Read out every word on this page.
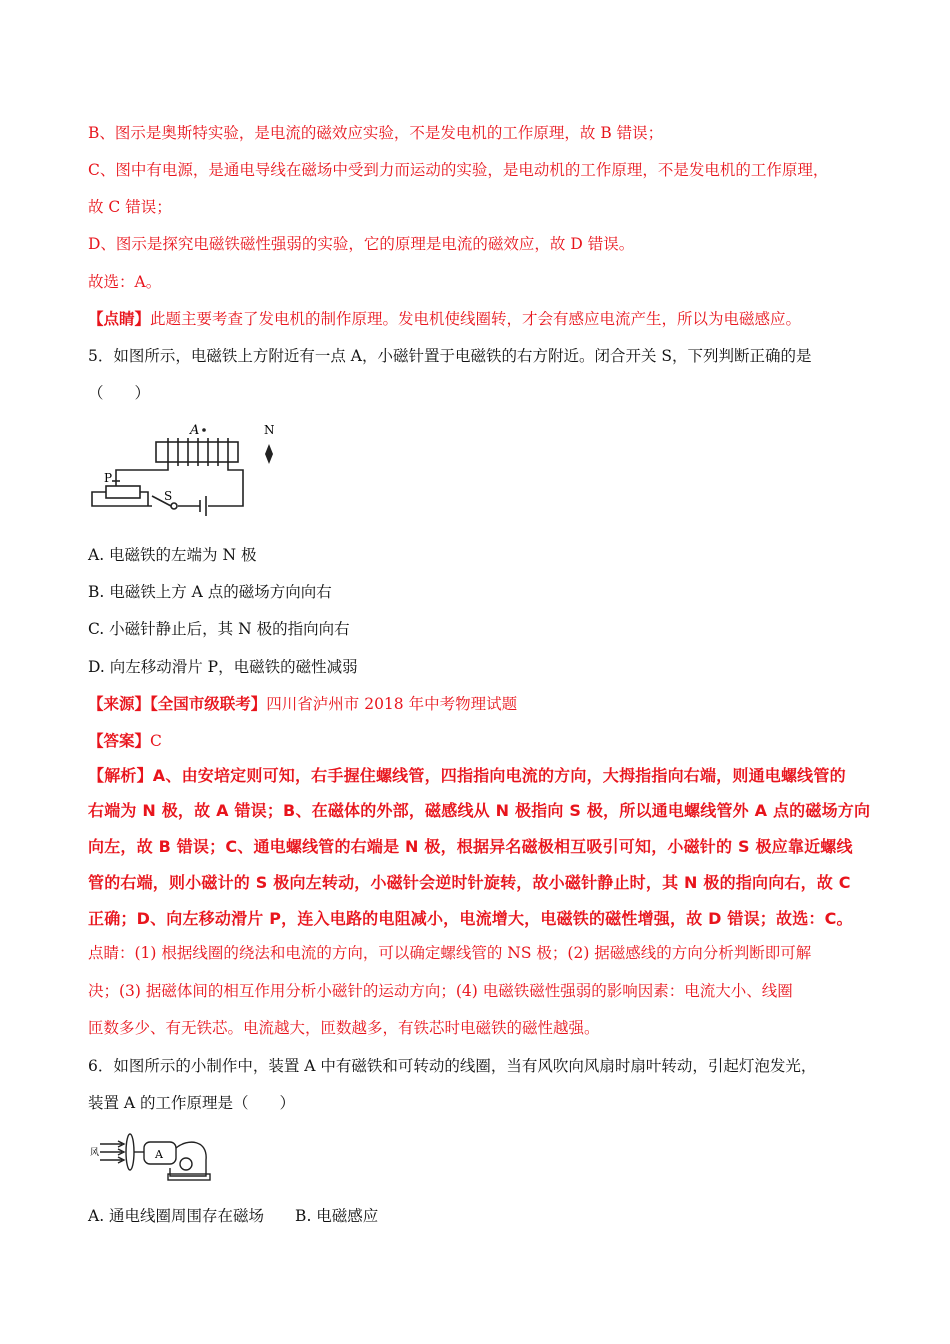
B、图示是奥斯特实验，是电流的磁效应实验，不是发电机的工作原理，故 B 错误；
C、图中有电源，是通电导线在磁场中受到力而运动的实验，是电动机的工作原理，不是发电机的工作原理，
故 C 错误；
D、图示是探究电磁铁磁性强弱的实验，它的原理是电流的磁效应，故 D 错误。
故选：A。
【点睛】此题主要考查了发电机的制作原理。发电机使线圈转，才会有感应电流产生，所以为电磁感应。
5．如图所示，电磁铁上方附近有一点 A，小磁针置于电磁铁的右方附近。闭合开关 S，下列判断正确的是
（　　）
A	N
P
S
A. 电磁铁的左端为 N 极
B. 电磁铁上方 A 点的磁场方向向右
C. 小磁针静止后，其 N 极的指向向右
D. 向左移动滑片 P，电磁铁的磁性减弱
【来源】【全国市级联考】四川省泸州市 2018 年中考物理试题
【答案】C
【解析】A、由安培定则可知，右手握住螺线管，四指指向电流的方向，大拇指指向右端，则通电螺线管的
右端为 N 极，故 A 错误；B、在磁体的外部，磁感线从 N 极指向 S 极，所以通电螺线管外 A 点的磁场方向
向左，故 B 错误；C、通电螺线管的右端是 N 极，根据异名磁极相互吸引可知，小磁针的 S 极应靠近螺线
管的右端，则小磁计的 S 极向左转动，小磁针会逆时针旋转，故小磁针静止时，其 N 极的指向向右，故 C
正确；D、向左移动滑片 P，连入电路的电阻减小，电流增大，电磁铁的磁性增强，故 D 错误；故选：C。
点睛：(1) 根据线圈的绕法和电流的方向，可以确定螺线管的 NS 极；(2) 据磁感线的方向分析判断即可解
决；(3) 据磁体间的相互作用分析小磁针的运动方向；(4) 电磁铁磁性强弱的影响因素：电流大小、线圈
匝数多少、有无铁芯。电流越大，匝数越多，有铁芯时电磁铁的磁性越强。
6．如图所示的小制作中，装置 A 中有磁铁和可转动的线圈，当有风吹向风扇时扇叶转动，引起灯泡发光，
装置 A 的工作原理是（　　）
风	A
A. 通电线圈周围存在磁场　　B. 电磁感应
